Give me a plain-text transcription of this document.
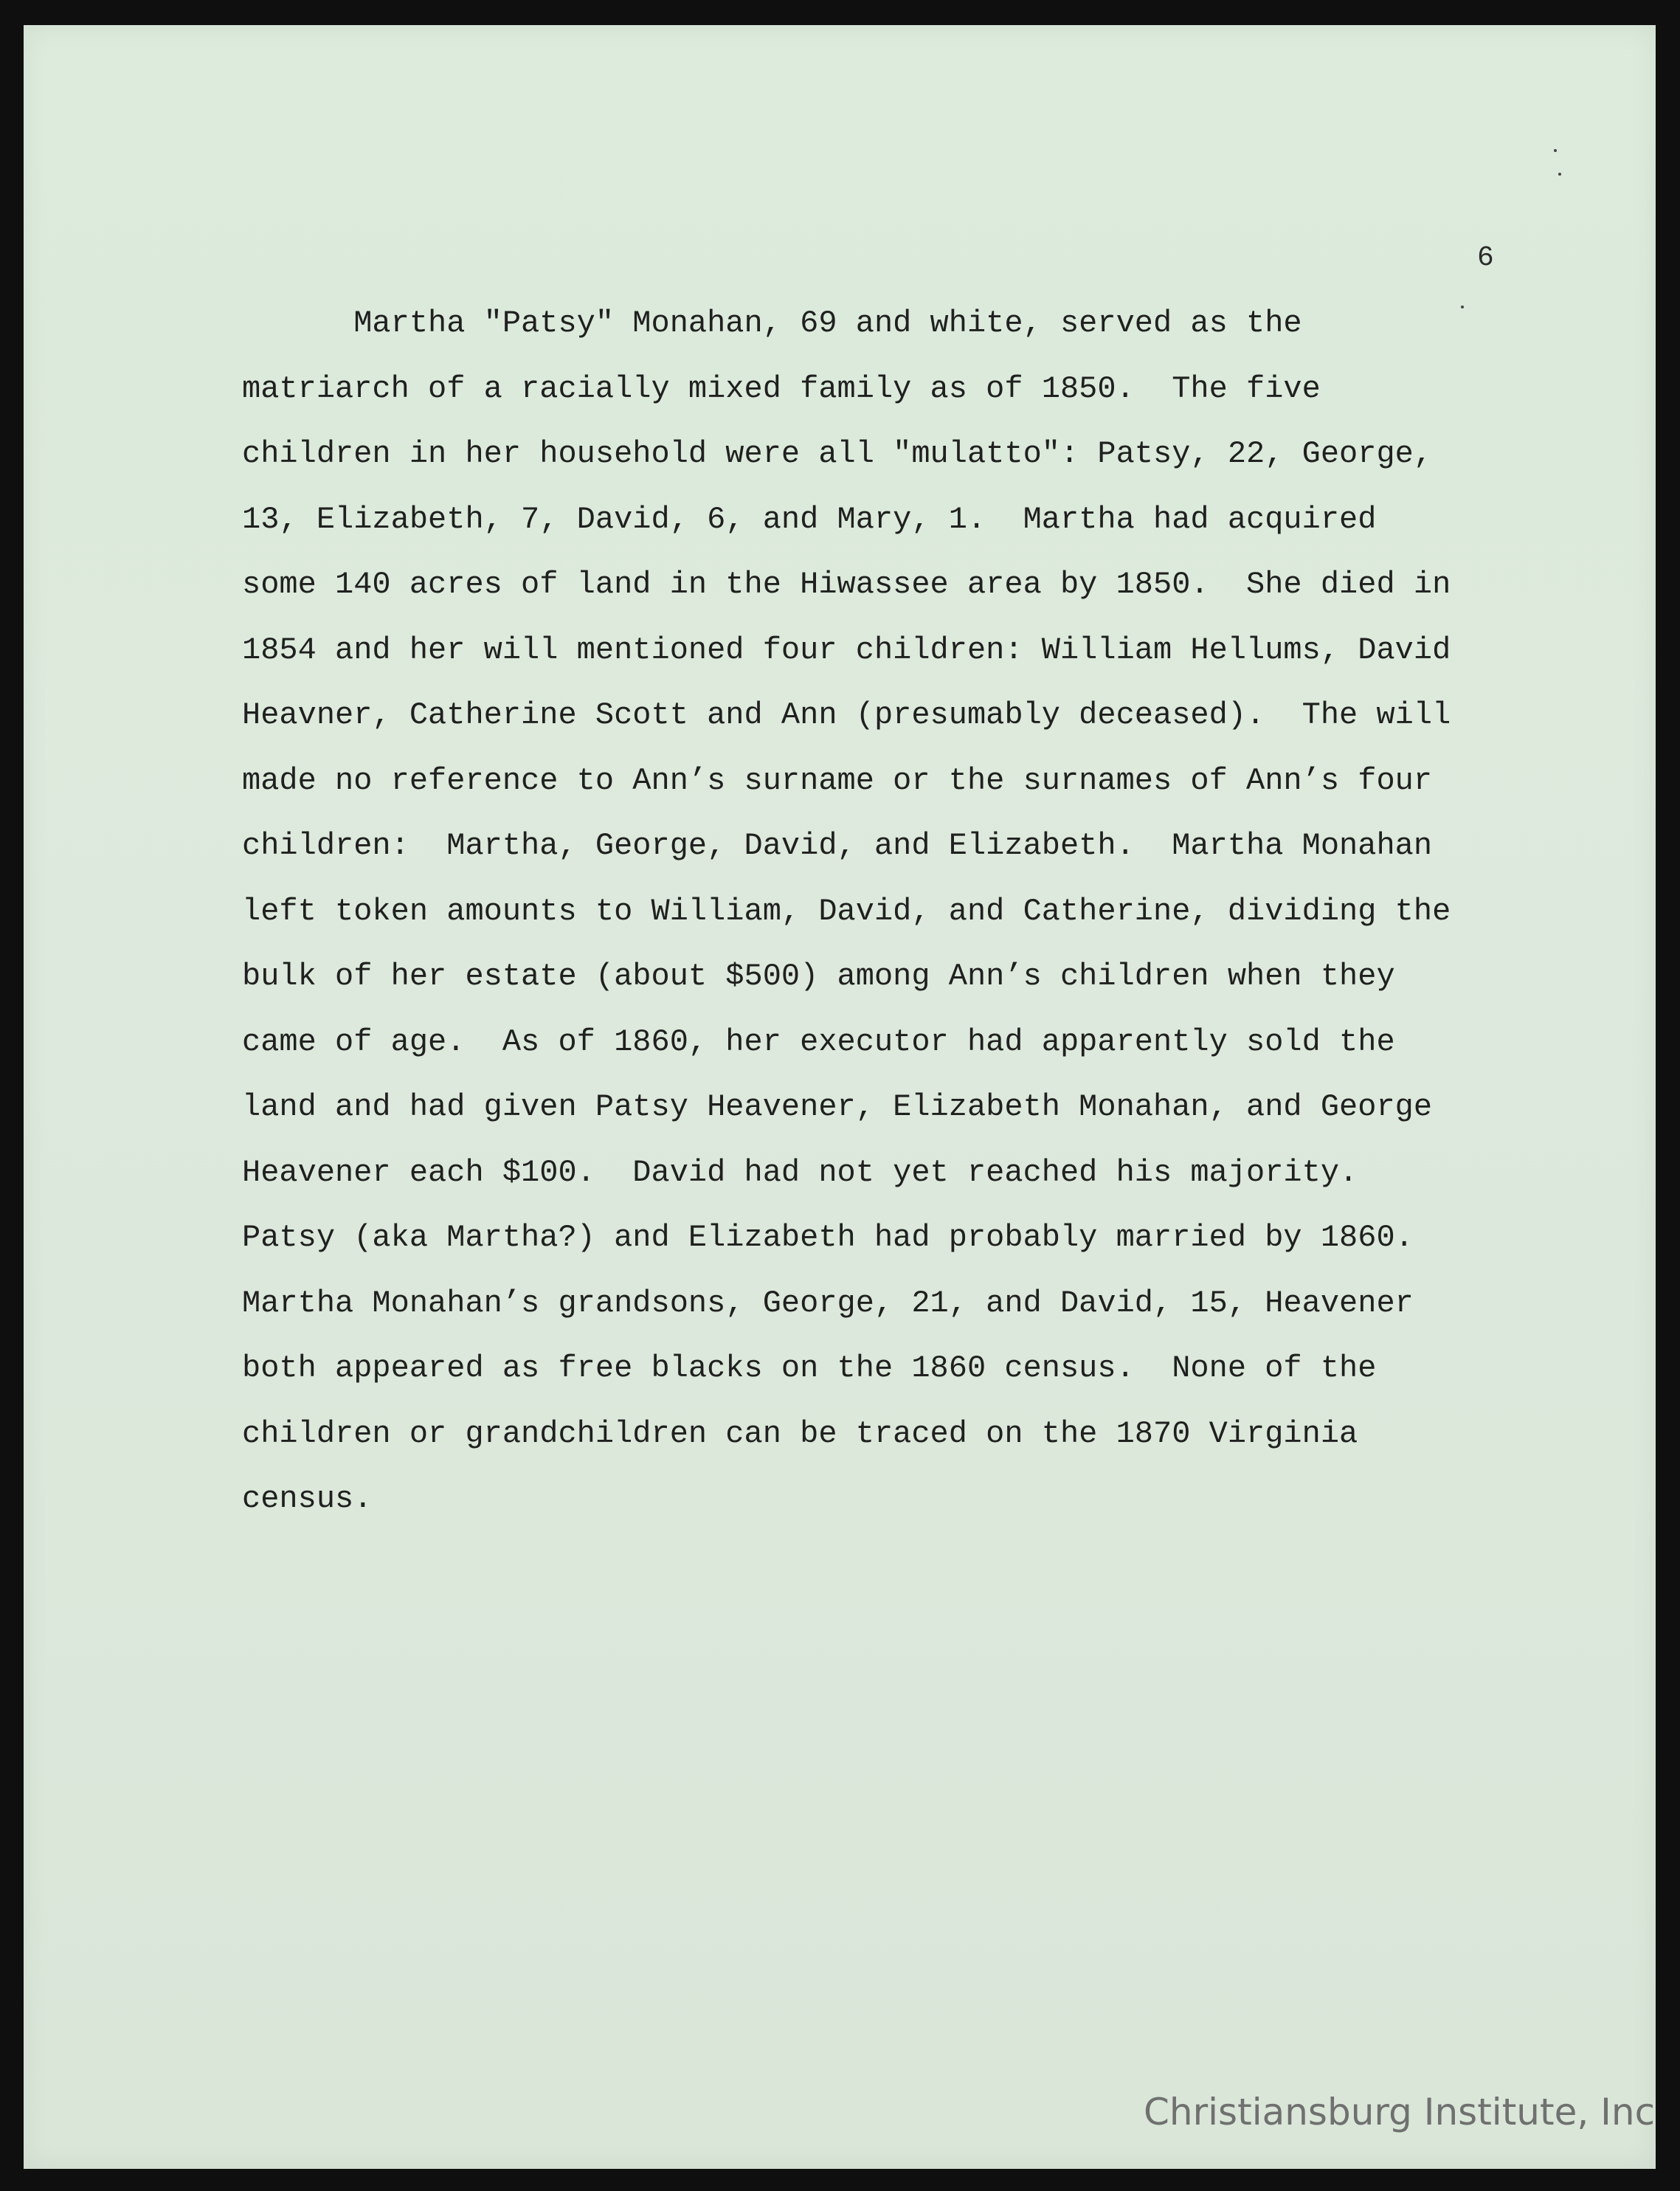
6
Martha "Patsy" Monahan, 69 and white, served as the
matriarch of a racially mixed family as of 1850.  The five
children in her household were all "mulatto": Patsy, 22, George,
13, Elizabeth, 7, David, 6, and Mary, 1.  Martha had acquired
some 140 acres of land in the Hiwassee area by 1850.  She died in
1854 and her will mentioned four children: William Hellums, David
Heavner, Catherine Scott and Ann (presumably deceased).  The will
made no reference to Ann’s surname or the surnames of Ann’s four
children:  Martha, George, David, and Elizabeth.  Martha Monahan
left token amounts to William, David, and Catherine, dividing the
bulk of her estate (about $500) among Ann’s children when they
came of age.  As of 1860, her executor had apparently sold the
land and had given Patsy Heavener, Elizabeth Monahan, and George
Heavener each $100.  David had not yet reached his majority.
Patsy (aka Martha?) and Elizabeth had probably married by 1860.
Martha Monahan’s grandsons, George, 21, and David, 15, Heavener
both appeared as free blacks on the 1860 census.  None of the
children or grandchildren can be traced on the 1870 Virginia
census.
Christiansburg Institute, Inc
